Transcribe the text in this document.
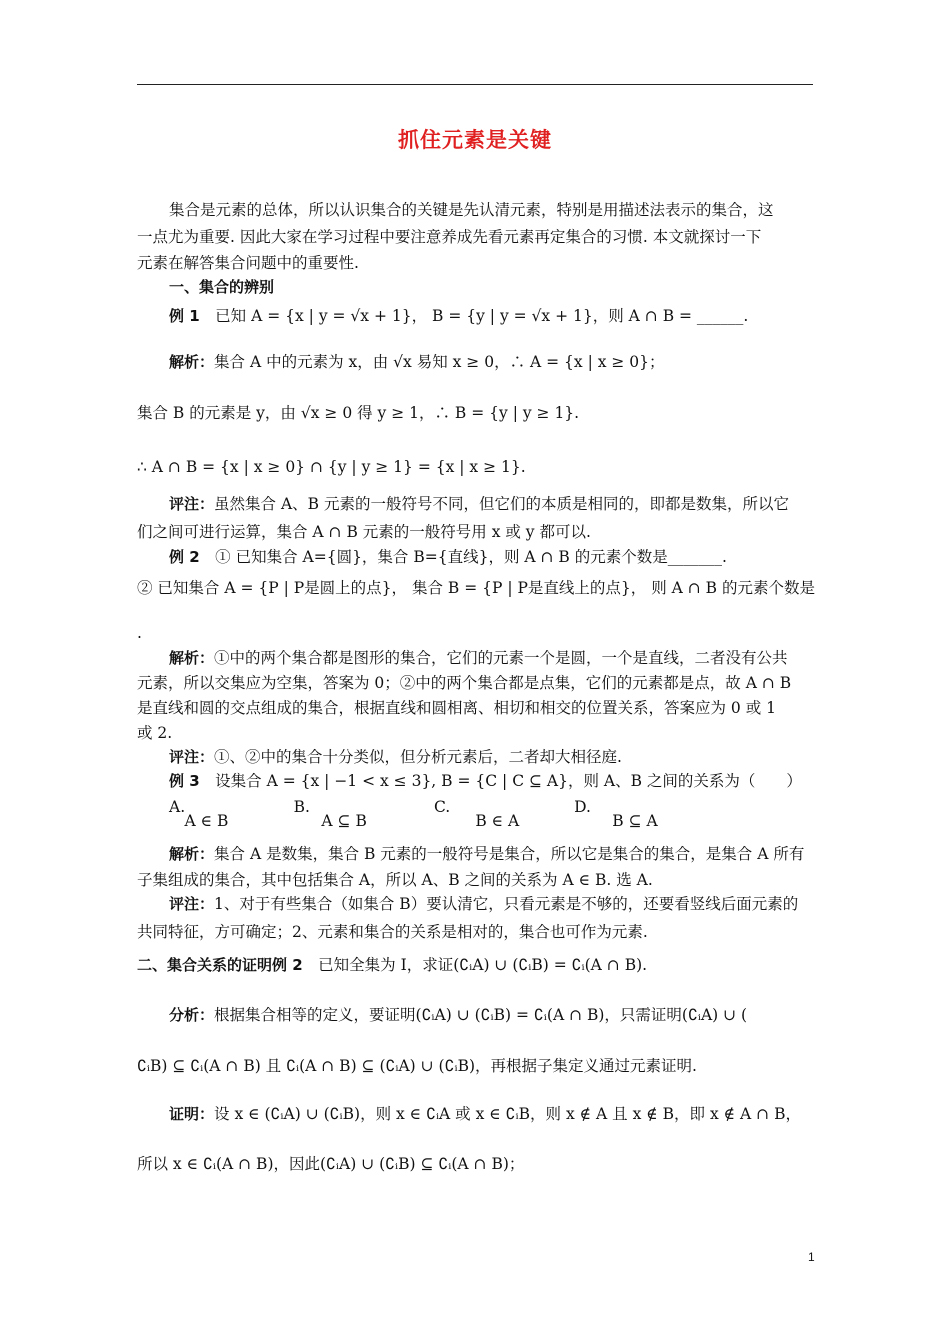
抓住元素是关键
集合是元素的总体，所以认识集合的关键是先认清元素，特别是用描述法表示的集合，这
一点尤为重要. 因此大家在学习过程中要注意养成先看元素再定集合的习惯. 本文就探讨一下
元素在解答集合问题中的重要性.
一、集合的辨别
例 1　已知 A = {x | y = √x + 1}， B = {y | y = √x + 1}，则 A ∩ B = ______.
解析：集合 A 中的元素为 x，由 √x 易知 x ≥ 0，∴ A = {x | x ≥ 0}；
集合 B 的元素是 y，由 √x ≥ 0 得 y ≥ 1，∴ B = {y | y ≥ 1}.
∴ A ∩ B = {x | x ≥ 0} ∩ {y | y ≥ 1} = {x | x ≥ 1}.
评注：虽然集合 A、B 元素的一般符号不同，但它们的本质是相同的，即都是数集，所以它
们之间可进行运算，集合 A ∩ B 元素的一般符号用 x 或 y 都可以.
例 2　① 已知集合 A={圆}，集合 B={直线}，则 A ∩ B 的元素个数是_______.
② 已知集合 A = {P | P是圆上的点}， 集合 B = {P | P是直线上的点}， 则 A ∩ B 的元素个数是
.
解析：①中的两个集合都是图形的集合，它们的元素一个是圆，一个是直线，二者没有公共
元素，所以交集应为空集，答案为 0；②中的两个集合都是点集，它们的元素都是点，故 A ∩ B
是直线和圆的交点组成的集合，根据直线和圆相离、相切和相交的位置关系，答案应为 0 或 1
或 2.
评注：①、②中的集合十分类似，但分析元素后，二者却大相径庭.
例 3　设集合 A = {x | −1 < x ≤ 3}, B = {C | C ⊆ A}，则 A、B 之间的关系为（　　）
A.　　　　　　　B.　　　　　　　　C.　　　　　　　　D.
　A ∈ B　　　　　　A ⊆ B　　　　　　　B ∈ A　　　　　　B ⊆ A
解析：集合 A 是数集，集合 B 元素的一般符号是集合，所以它是集合的集合，是集合 A 所有
子集组成的集合，其中包括集合 A，所以 A、B 之间的关系为 A ∈ B. 选 A.
评注：1、对于有些集合（如集合 B）要认清它，只看元素是不够的，还要看竖线后面元素的
共同特征，方可确定；2、元素和集合的关系是相对的，集合也可作为元素.
二、集合关系的证明例 2　已知全集为 I，求证(∁ᵢA) ∪ (∁ᵢB) = ∁ᵢ(A ∩ B).
分析：根据集合相等的定义，要证明(∁ᵢA) ∪ (∁ᵢB) = ∁ᵢ(A ∩ B)，只需证明(∁ᵢA) ∪ (
∁ᵢB) ⊆ ∁ᵢ(A ∩ B) 且 ∁ᵢ(A ∩ B) ⊆ (∁ᵢA) ∪ (∁ᵢB)，再根据子集定义通过元素证明.
证明：设 x ∈ (∁ᵢA) ∪ (∁ᵢB)，则 x ∈ ∁ᵢA 或 x ∈ ∁ᵢB，则 x ∉ A 且 x ∉ B，即 x ∉ A ∩ B，
所以 x ∈ ∁ᵢ(A ∩ B)，因此(∁ᵢA) ∪ (∁ᵢB) ⊆ ∁ᵢ(A ∩ B)；
1
